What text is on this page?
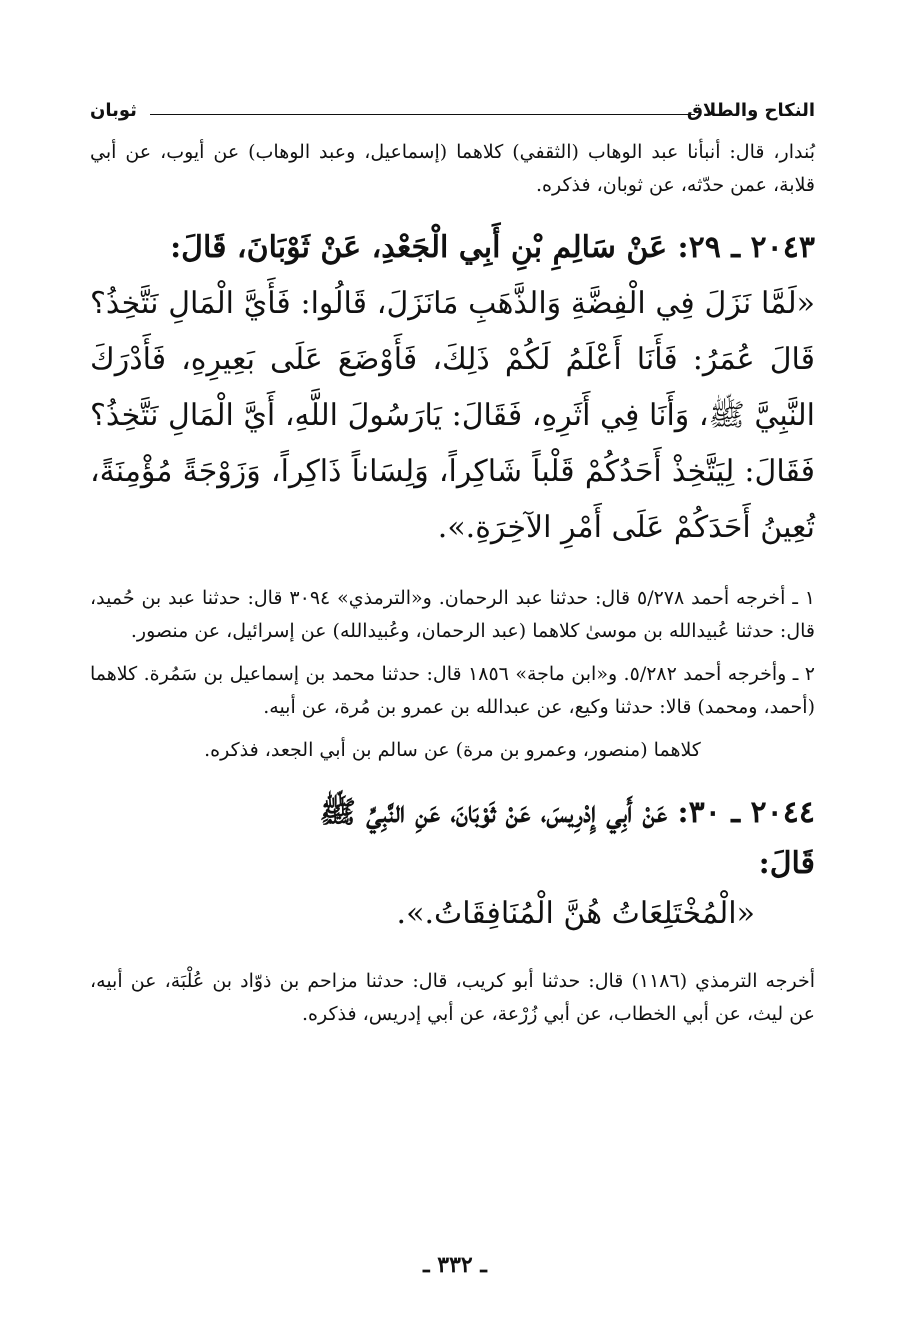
النكاح والطلاق
ثوبان

بُندار، قال: أنبأنا عبد الوهاب (الثقفي) كلاهما (إسماعيل، وعبد الوهاب) عن أيوب، عن أبي قلابة، عمن حدّثه، عن ثوبان، فذكره.

٢٠٤٣ ـ ٢٩: عَنْ سَالِمِ بْنِ أَبِي الْجَعْدِ، عَنْ ثَوْبَانَ، قَالَ:

«لَمَّا نَزَلَ فِي الْفِضَّةِ وَالذَّهَبِ مَانَزَلَ، قَالُوا: فَأَيَّ الْمَالِ نَتَّخِذُ؟ قَالَ عُمَرُ: فَأَنَا أَعْلَمُ لَكُمْ ذَلِكَ، فَأَوْضَعَ عَلَى بَعِيرِهِ، فَأَدْرَكَ النَّبِيَّ ﷺ، وَأَنَا فِي أَثَرِهِ، فَقَالَ: يَارَسُولَ اللَّهِ، أَيَّ الْمَالِ نَتَّخِذُ؟ فَقَالَ: لِيَتَّخِذْ أَحَدُكُمْ قَلْباً شَاكِراً، وَلِسَاناً ذَاكِراً، وَزَوْجَةً مُؤْمِنَةً، تُعِينُ أَحَدَكُمْ عَلَى أَمْرِ الآخِرَةِ.».

١ ـ أخرجه أحمد ٥/٢٧٨ قال: حدثنا عبد الرحمان. و«الترمذي» ٣٠٩٤ قال: حدثنا عبد بن حُميد، قال: حدثنا عُبيدالله بن موسىٰ كلاهما (عبد الرحمان، وعُبيدالله) عن إسرائيل، عن منصور.

٢ ـ وأخرجه أحمد ٥/٢٨٢. و«ابن ماجة» ١٨٥٦ قال: حدثنا محمد بن إسماعيل بن سَمُرة. كلاهما (أحمد، ومحمد) قالا: حدثنا وكيع، عن عبدالله بن عمرو بن مُرة، عن أبيه.

كلاهما (منصور، وعمرو بن مرة) عن سالم بن أبي الجعد، فذكره.

٢٠٤٤ ـ ٣٠: عَنْ أَبِي إِدْرِيسَ، عَنْ ثَوْبَانَ، عَنِ النَّبِيِّ ﷺ

قَالَ:

«الْمُخْتَلِعَاتُ هُنَّ الْمُنَافِقَاتُ.».

أخرجه الترمذي (١١٨٦) قال: حدثنا أبو كريب، قال: حدثنا مزاحم بن ذوّاد بن عُلْبَة، عن أبيه، عن ليث، عن أبي الخطاب، عن أبي زُرْعة، عن أبي إدريس، فذكره.

ـ ٣٣٢ ـ
